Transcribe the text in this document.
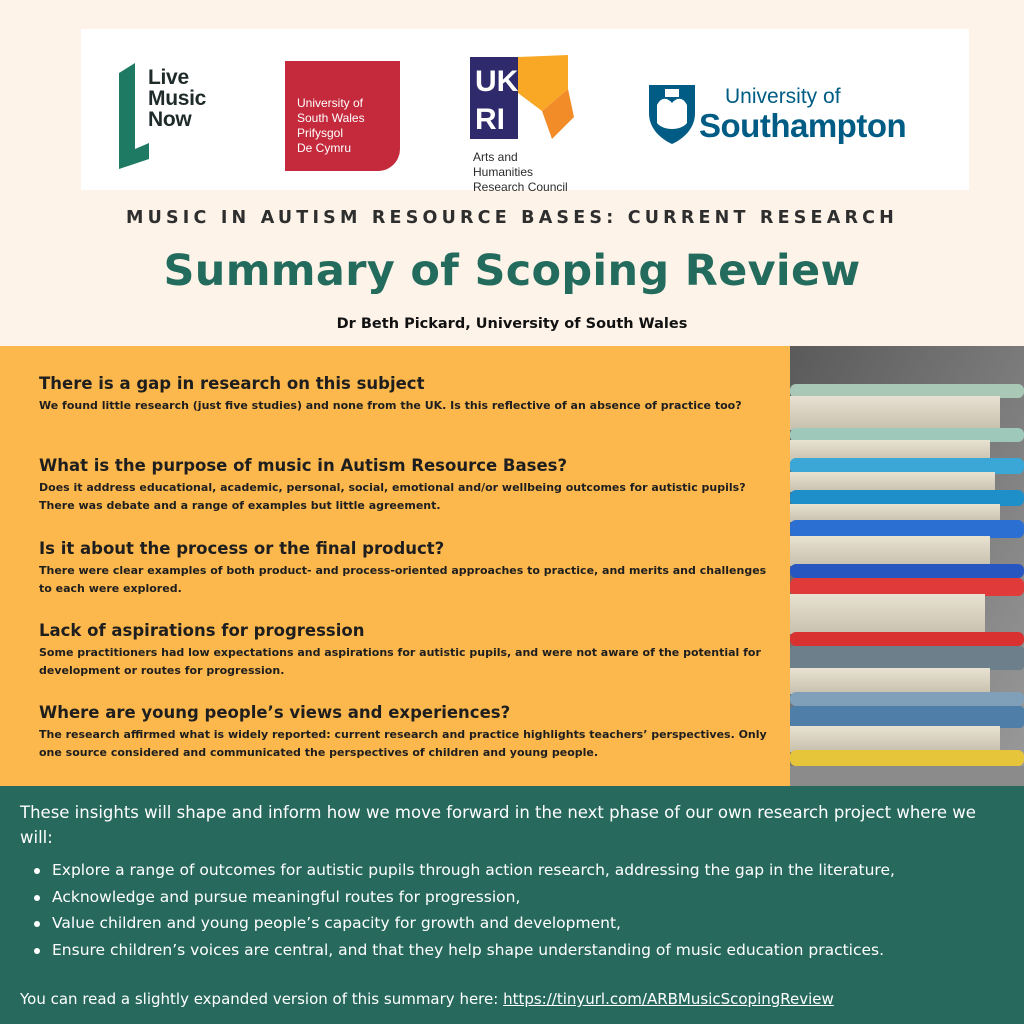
Live
Music
Now
University of
South Wales
Prifysgol
De Cymru
UK
RI
Arts and
Humanities
Research Council
University of
Southampton
MUSIC IN AUTISM RESOURCE BASES: CURRENT RESEARCH
Summary of Scoping Review
Dr Beth Pickard, University of South Wales
There is a gap in research on this subject

We found little research (just five studies) and none from the UK. Is this reflective of an absence of practice too?

What is the purpose of music in Autism Resource Bases?

Does it address educational, academic, personal, social, emotional and/or wellbeing outcomes for autistic pupils? There was debate and a range of examples but little agreement.

Is it about the process or the final product?

There were clear examples of both product- and process-oriented approaches to practice, and merits and challenges to each were explored.

Lack of aspirations for progression

Some practitioners had low expectations and aspirations for autistic pupils, and were not aware of the potential for development or routes for progression.

Where are young people’s views and experiences?

The research affirmed what is widely reported: current research and practice highlights teachers’ perspectives. Only one source considered and communicated the perspectives of children and young people.

These insights will shape and inform how we move forward in the next phase of our own research project where we will:

Explore a range of outcomes for autistic pupils through action research, addressing the gap in the literature,
Acknowledge and pursue meaningful routes for progression,
Value children and young people’s capacity for growth and development,
Ensure children’s voices are central, and that they help shape understanding of music education practices.

You can read a slightly expanded version of this summary here: https://tinyurl.com/ARBMusicScopingReview
